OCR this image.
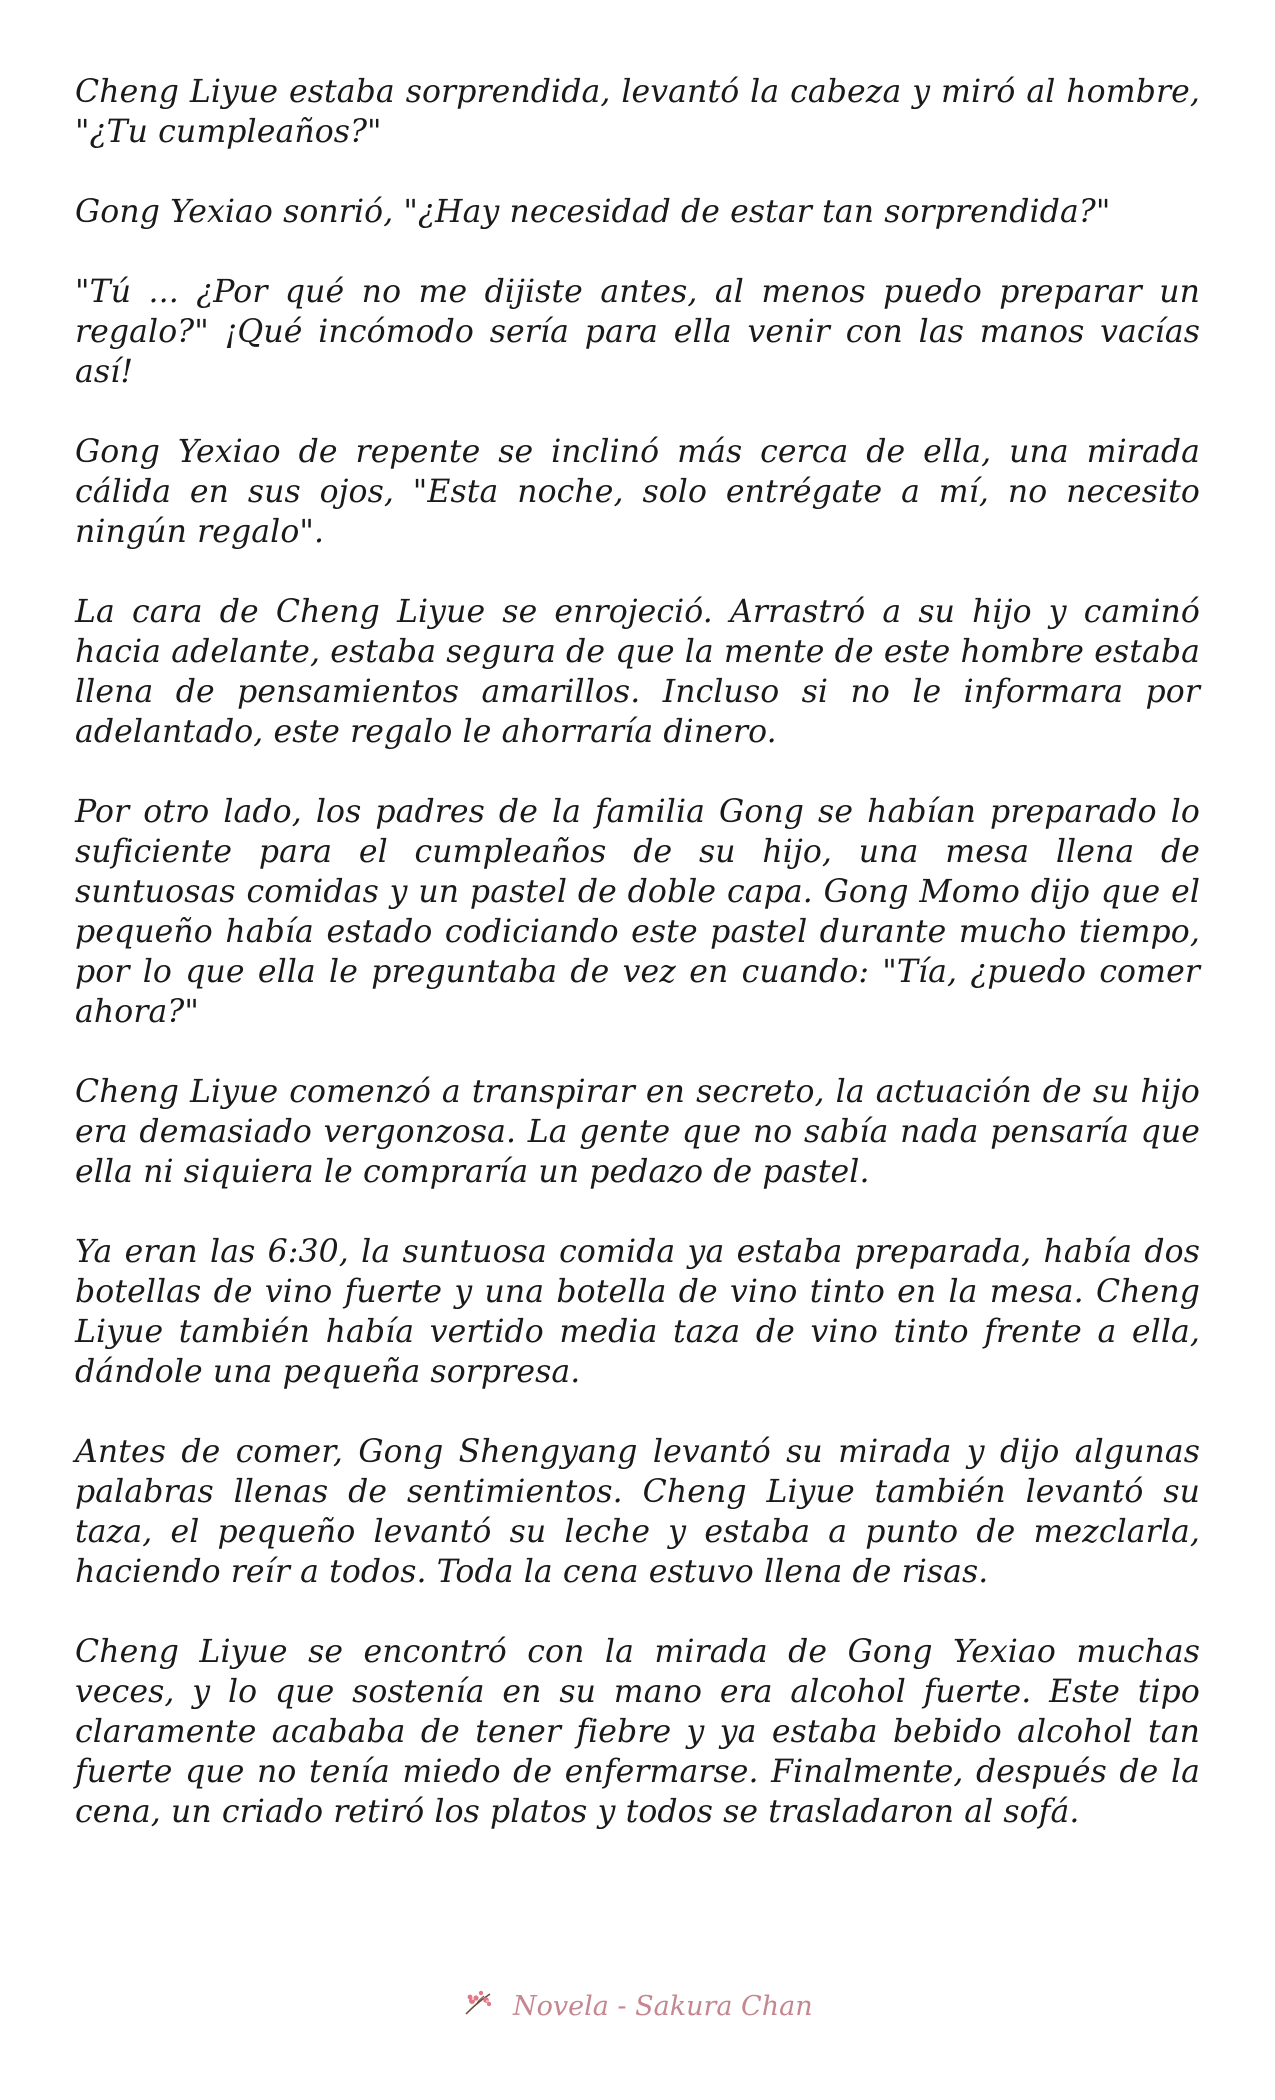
Cheng Liyue estaba sorprendida, levantó la cabeza y miró al hombre, "¿Tu cumpleaños?"

Gong Yexiao sonrió, "¿Hay necesidad de estar tan sorprendida?"

"Tú ... ¿Por qué no me dijiste antes, al menos puedo preparar un regalo?" ¡Qué incómodo sería para ella venir con las manos vacías así!

Gong Yexiao de repente se inclinó más cerca de ella, una mirada cálida en sus ojos, "Esta noche, solo entrégate a mí, no necesito ningún regalo".

La cara de Cheng Liyue se enrojeció. Arrastró a su hijo y caminó hacia adelante, estaba segura de que la mente de este hombre estaba llena de pensamientos amarillos. Incluso si no le informara por adelantado, este regalo le ahorraría dinero.

Por otro lado, los padres de la familia Gong se habían preparado lo suficiente para el cumpleaños de su hijo, una mesa llena de suntuosas comidas y un pastel de doble capa. Gong Momo dijo que el pequeño había estado codiciando este pastel durante mucho tiempo, por lo que ella le preguntaba de vez en cuando: "Tía, ¿puedo comer ahora?"

Cheng Liyue comenzó a transpirar en secreto, la actuación de su hijo era demasiado vergonzosa. La gente que no sabía nada pensaría que ella ni siquiera le compraría un pedazo de pastel.

Ya eran las 6:30, la suntuosa comida ya estaba preparada, había dos botellas de vino fuerte y una botella de vino tinto en la mesa. Cheng Liyue también había vertido media taza de vino tinto frente a ella, dándole una pequeña sorpresa.

Antes de comer, Gong Shengyang levantó su mirada y dijo algunas palabras llenas de sentimientos. Cheng Liyue también levantó su taza, el pequeño levantó su leche y estaba a punto de mezclarla, haciendo reír a todos. Toda la cena estuvo llena de risas.

Cheng Liyue se encontró con la mirada de Gong Yexiao muchas veces, y lo que sostenía en su mano era alcohol fuerte. Este tipo claramente acababa de tener fiebre y ya estaba bebido alcohol tan fuerte que no tenía miedo de enfermarse. Finalmente, después de la cena, un criado retiró los platos y todos se trasladaron al sofá.

Novela - Sakura Chan
